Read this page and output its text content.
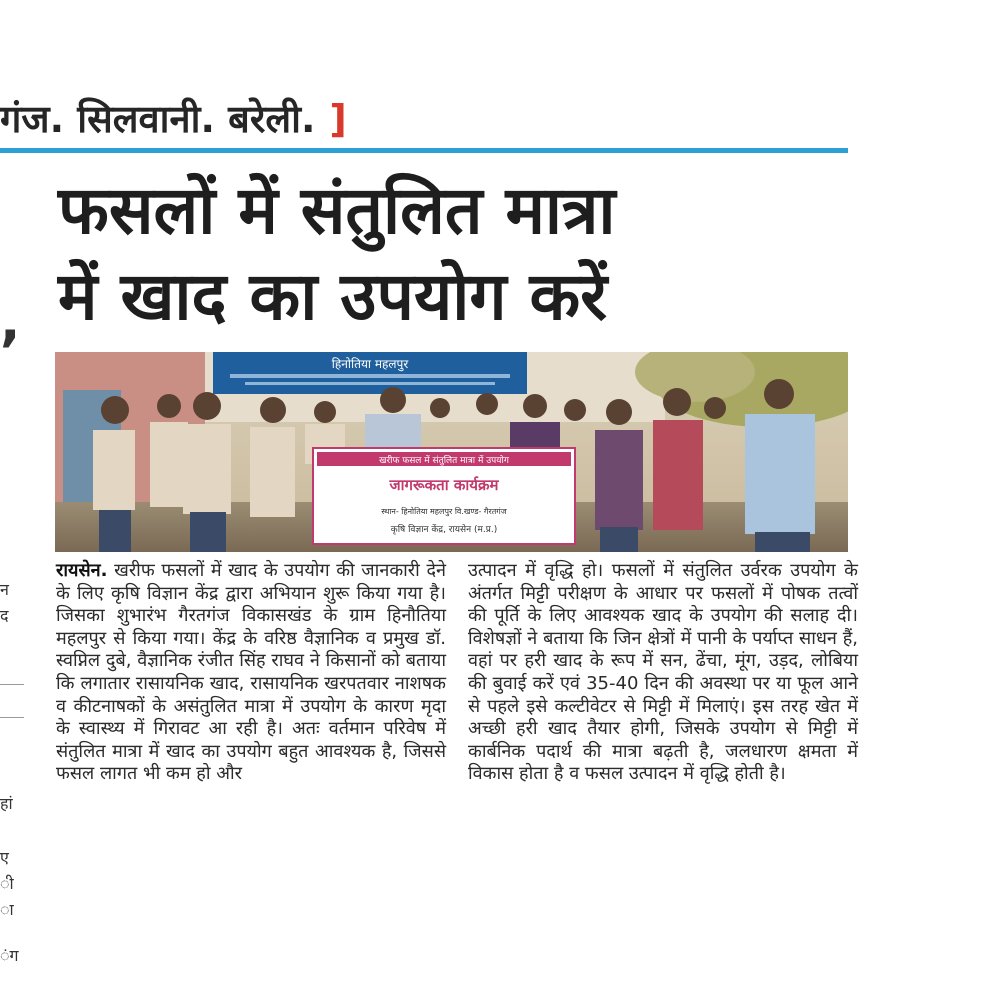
गंज. सिलवानी. बरेली. ]
फसलों में संतुलित मात्रा
में खाद का उपयोग करें
,
न
द
हां
ए
ी
ा
ंग
हिनोतिया महलपुर
खरीफ फसल में संतुलित मात्रा में उपयोग
जागरूकता कार्यक्रम
स्थान- हिनोतिया महलपुर वि.खण्ड- गैरतगंज
कृषि विज्ञान केंद्र, रायसेन (म.प्र.)
रायसेन. खरीफ फसलों में खाद के उपयोग की जानकारी देने के लिए कृषि विज्ञान केंद्र द्वारा अभियान शुरू किया गया है। जिसका शुभारंभ गैरतगंज विकासखंड के ग्राम हिनौतिया महलपुर से किया गया। केंद्र के वरिष्ठ वैज्ञानिक व प्रमुख डॉ. स्वप्निल दुबे, वैज्ञानिक रंजीत सिंह राघव ने किसानों को बताया कि लगातार रासायनिक खाद, रासायनिक खरपतवार नाशषक व कीटनाषकों के असंतुलित मात्रा में उपयोग के कारण मृदा के स्वास्थ्य में गिरावट आ रही है। अतः वर्तमान परिवेष में संतुलित मात्रा में खाद का उपयोग बहुत आवश्यक है, जिससे फसल लागत भी कम हो और
उत्पादन में वृद्धि हो। फसलों में संतुलित उर्वरक उपयोग के अंतर्गत मिट्टी परीक्षण के आधार पर फसलों में पोषक तत्वों की पूर्ति के लिए आवश्यक खाद के उपयोग की सलाह दी। विशेषज्ञों ने बताया कि जिन क्षेत्रों में पानी के पर्याप्त साधन हैं, वहां पर हरी खाद के रूप में सन, ढेंचा, मूंग, उड़द, लोबिया की बुवाई करें एवं 35-40 दिन की अवस्था पर या फूल आने से पहले इसे कल्टीवेटर से मिट्टी में मिलाएं। इस तरह खेत में अच्छी हरी खाद तैयार होगी, जिसके उपयोग से मिट्टी में कार्बनिक पदार्थ की मात्रा बढ़ती है, जलधारण क्षमता में विकास होता है व फसल उत्पादन में वृद्धि होती है।
